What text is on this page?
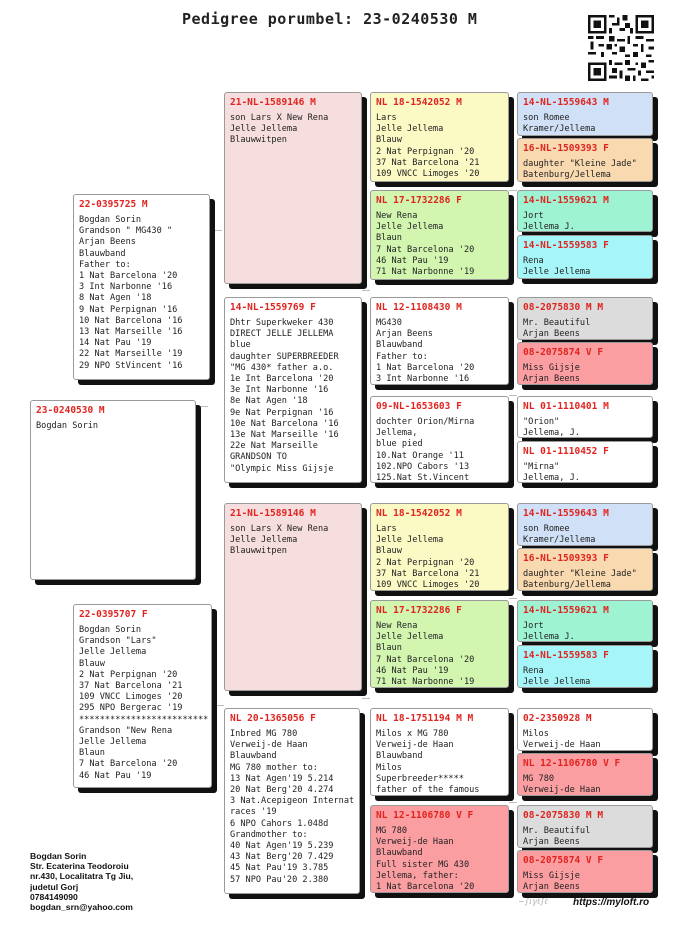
Pedigree porumbel: 23-0240530 M
23-0240530 M
Bogdan Sorin
22-0395725 M
Bogdan Sorin
Grandson " MG430 "
Arjan Beens
Blauwband
Father to:
1 Nat Barcelona '20
3 Int Narbonne '16
8 Nat Agen '18
9 Nat Perpignan '16
10 Nat Barcelona '16
13 Nat Marseille '16
14 Nat Pau '19
22 Nat Marseille '19
29 NPO StVincent '16
22-0395707 F
Bogdan Sorin
Grandson "Lars"
Jelle Jellema
Blauw
2 Nat Perpignan '20
37 Nat Barcelona '21
109 VNCC Limoges '20
295 NPO Bergerac '19
*************************
Grandson "New Rena
Jelle Jellema
Blaun
7 Nat Barcelona '20
46 Nat Pau '19
21-NL-1589146 M
son Lars X New Rena
Jelle Jellema
Blauwwitpen
14-NL-1559769 F
Dhtr Superkweker 430
DIRECT JELLE JELLEMA
blue
daughter SUPERBREEDER
"MG 430* father a.o.
1e Int Barcelona '20
3e Int Narbonne '16
8e Nat Agen '18
9e Nat Perpignan '16
10e Nat Barcelona '16
13e Nat Marseille '16
22e Nat Marseille
GRANDSON TO
"Olympic Miss Gijsje
21-NL-1589146 M
son Lars X New Rena
Jelle Jellema
Blauwwitpen
NL 20-1365056 F
Inbred MG 780
Verweij-de Haan
Blauwband
MG 780 mother to:
13 Nat Agen'19 5.214
20 Nat Berg'20 4.274
3 Nat.Acepigeon Internat
races '19
6 NPO Cahors 1.048d
Grandmother to:
40 Nat Agen'19 5.239
43 Nat Berg'20 7.429
45 Nat Pau'19 3.785
57 NPO Pau'20 2.380
NL 18-1542052 M
Lars
Jelle Jellema
Blauw
2 Nat Perpignan '20
37 Nat Barcelona '21
109 VNCC Limoges '20
NL 17-1732286 F
New Rena
Jelle Jellema
Blaun
7 Nat Barcelona '20
46 Nat Pau '19
71 Nat Narbonne '19
NL 12-1108430 M
MG430
Arjan Beens
Blauwband
Father to:
1 Nat Barcelona '20
3 Int Narbonne '16
09-NL-1653603 F
dochter Orion/Mirna
Jellema,
blue pied
10.Nat Orange '11
102.NPO Cabors '13
125.Nat St.Vincent
NL 18-1542052 M
Lars
Jelle Jellema
Blauw
2 Nat Perpignan '20
37 Nat Barcelona '21
109 VNCC Limoges '20
NL 17-1732286 F
New Rena
Jelle Jellema
Blaun
7 Nat Barcelona '20
46 Nat Pau '19
71 Nat Narbonne '19
NL 18-1751194 M M
Milos x MG 780
Verweij-de Haan
Blauwband
Milos
Superbreeder*****
father of the famous
NL 12-1106780 V F
MG 780
Verweij-de Haan
Blauwband
Full sister MG 430
Jellema, father:
1 Nat Barcelona '20
14-NL-1559643 M
son Romee
Kramer/Jellema
16-NL-1509393 F
daughter "Kleine Jade"
Batenburg/Jellema
14-NL-1559621 M
Jort
Jellema J.
14-NL-1559583 F
Rena
Jelle Jellema
08-2075830 M M
Mr. Beautiful
Arjan Beens
08-2075874 V F
Miss Gijsje
Arjan Beens
NL 01-1110401 M
"Orion"
Jellema, J.
NL 01-1110452 F
"Mirna"
Jellema, J.
14-NL-1559643 M
son Romee
Kramer/Jellema
16-NL-1509393 F
daughter "Kleine Jade"
Batenburg/Jellema
14-NL-1559621 M
Jort
Jellema J.
14-NL-1559583 F
Rena
Jelle Jellema
02-2350928 M
Milos
Verweij-de Haan
NL 12-1106780 V F
MG 780
Verweij-de Haan
08-2075830 M M
Mr. Beautiful
Arjan Beens
08-2075874 V F
Miss Gijsje
Arjan Beens
Bogdan Sorin
Str. Ecaterina Teodoroiu
nr.430, Localitatra Tg Jiu,
judetul Gorj
0784149090
bogdan_srn@yahoo.com
∼∫ιγℓ∫ℓ	https://myloft.ro
